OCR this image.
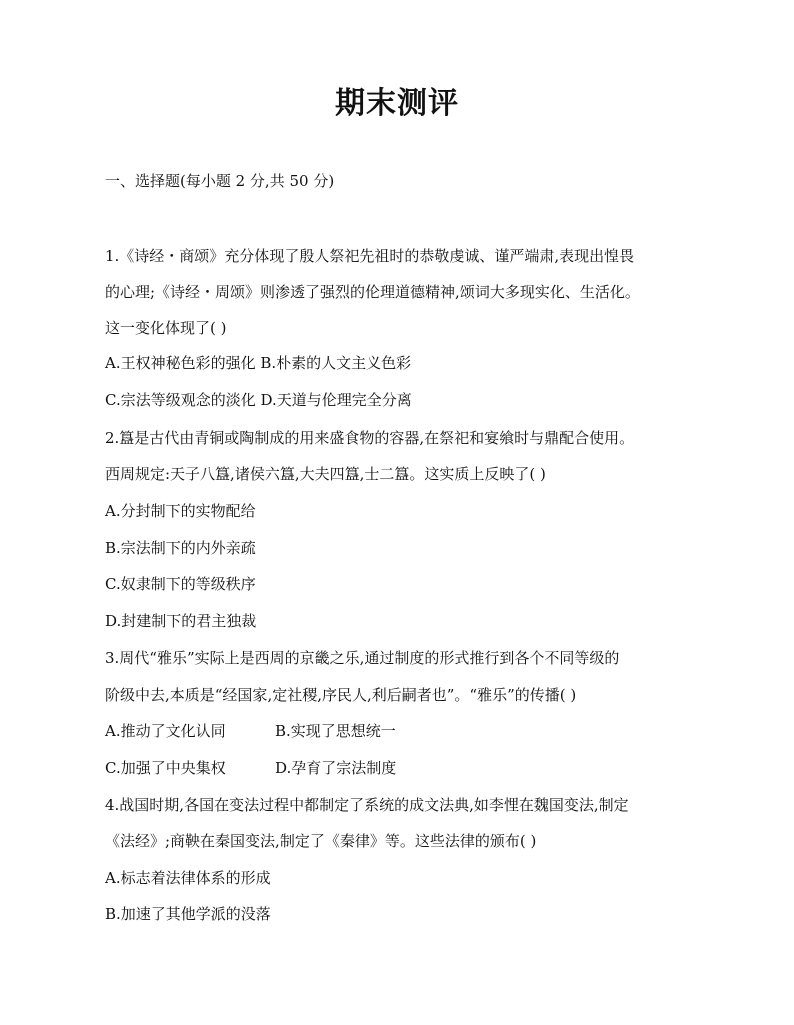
期末测评
一、选择题(每小题 2 分,共 50 分)
1.《诗经・商颂》充分体现了殷人祭祀先祖时的恭敬虔诚、谨严端肃,表现出惶畏
的心理;《诗经・周颂》则渗透了强烈的伦理道德精神,颂词大多现实化、生活化。
这一变化体现了( )
A.王权神秘色彩的强化 B.朴素的人文主义色彩
C.宗法等级观念的淡化 D.天道与伦理完全分离
2.簋是古代由青铜或陶制成的用来盛食物的容器,在祭祀和宴飨时与鼎配合使用。
西周规定:天子八簋,诸侯六簋,大夫四簋,士二簋。这实质上反映了( )
A.分封制下的实物配给
B.宗法制下的内外亲疏
C.奴隶制下的等级秩序
D.封建制下的君主独裁
3.周代“雅乐”实际上是西周的京畿之乐,通过制度的形式推行到各个不同等级的
阶级中去,本质是“经国家,定社稷,序民人,利后嗣者也”。“雅乐”的传播( )
A.推动了文化认同	B.实现了思想统一
C.加强了中央集权	D.孕育了宗法制度
4.战国时期,各国在变法过程中都制定了系统的成文法典,如李悝在魏国变法,制定
《法经》;商鞅在秦国变法,制定了《秦律》等。这些法律的颁布( )
A.标志着法律体系的形成
B.加速了其他学派的没落
